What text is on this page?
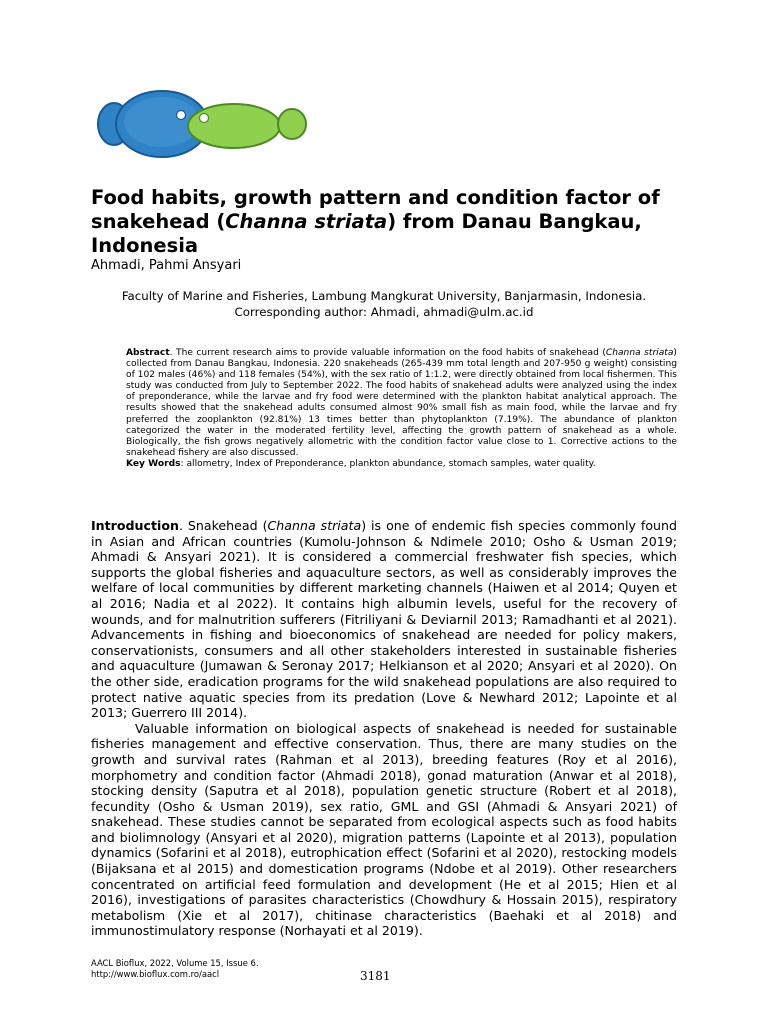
Food habits, growth pattern and condition factor of snakehead (Channa striata) from Danau Bangkau, Indonesia
Ahmadi, Pahmi Ansyari
Faculty of Marine and Fisheries, Lambung Mangkurat University, Banjarmasin, Indonesia.
Corresponding author: Ahmadi, ahmadi@ulm.ac.id

Abstract. The current research aims to provide valuable information on the food habits of snakehead (Channa striata) collected from Danau Bangkau, Indonesia. 220 snakeheads (265-439 mm total length and 207-950 g weight) consisting of 102 males (46%) and 118 females (54%), with the sex ratio of 1:1.2, were directly obtained from local fishermen. This study was conducted from July to September 2022. The food habits of snakehead adults were analyzed using the index of preponderance, while the larvae and fry food were determined with the plankton habitat analytical approach. The results showed that the snakehead adults consumed almost 90% small fish as main food, while the larvae and fry preferred the zooplankton (92.81%) 13 times better than phytoplankton (7.19%). The abundance of plankton categorized the water in the moderated fertility level, affecting the growth pattern of snakehead as a whole. Biologically, the fish grows negatively allometric with the condition factor value close to 1. Corrective actions to the snakehead fishery are also discussed.

Key Words: allometry, Index of Preponderance, plankton abundance, stomach samples, water quality.

Introduction. Snakehead (Channa striata) is one of endemic fish species commonly found in Asian and African countries (Kumolu-Johnson & Ndimele 2010; Osho & Usman 2019; Ahmadi & Ansyari 2021). It is considered a commercial freshwater fish species, which supports the global fisheries and aquaculture sectors, as well as considerably improves the welfare of local communities by different marketing channels (Haiwen et al 2014; Quyen et al 2016; Nadia et al 2022). It contains high albumin levels, useful for the recovery of wounds, and for malnutrition sufferers (Fitriliyani & Deviarnil 2013; Ramadhanti et al 2021). Advancements in fishing and bioeconomics of snakehead are needed for policy makers, conservationists, consumers and all other stakeholders interested in sustainable fisheries and aquaculture (Jumawan & Seronay 2017; Helkianson et al 2020; Ansyari et al 2020). On the other side, eradication programs for the wild snakehead populations are also required to protect native aquatic species from its predation (Love & Newhard 2012; Lapointe et al 2013; Guerrero III 2014).

Valuable information on biological aspects of snakehead is needed for sustainable fisheries management and effective conservation. Thus, there are many studies on the growth and survival rates (Rahman et al 2013), breeding features (Roy et al 2016), morphometry and condition factor (Ahmadi 2018), gonad maturation (Anwar et al 2018), stocking density (Saputra et al 2018), population genetic structure (Robert et al 2018), fecundity (Osho & Usman 2019), sex ratio, GML and GSI (Ahmadi & Ansyari 2021) of snakehead. These studies cannot be separated from ecological aspects such as food habits and biolimnology (Ansyari et al 2020), migration patterns (Lapointe et al 2013), population dynamics (Sofarini et al 2018), eutrophication effect (Sofarini et al 2020), restocking models (Bijaksana et al 2015) and domestication programs (Ndobe et al 2019). Other researchers concentrated on artificial feed formulation and development (He et al 2015; Hien et al 2016), investigations of parasites characteristics (Chowdhury & Hossain 2015), respiratory metabolism (Xie et al 2017), chitinase characteristics (Baehaki et al 2018) and immunostimulatory response (Norhayati et al 2019).

AACL Bioflux, 2022, Volume 15, Issue 6.
http://www.bioflux.com.ro/aacl	3181
